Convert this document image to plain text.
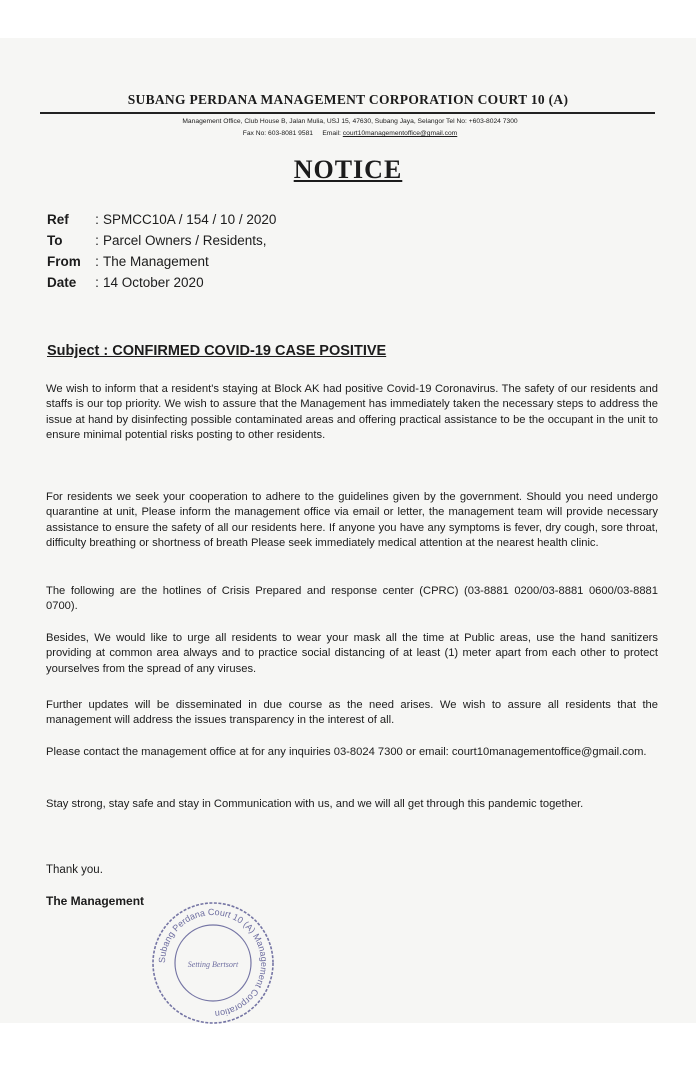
SUBANG PERDANA MANAGEMENT CORPORATION COURT 10 (A)
Management Office, Club House B, Jalan Mulia, USJ 15, 47630, Subang Jaya, Selangor Tel No: +603-8024 7300
Fax No: 603-8081 9581 Email: court10managementoffice@gmail.com
NOTICE
Ref	: SPMCC10A / 154 / 10 / 2020
To	: Parcel Owners / Residents,
From	: The Management
Date	: 14 October 2020
Subject : CONFIRMED COVID-19 CASE POSITIVE
We wish to inform that a resident's staying at Block AK had positive Covid-19 Coronavirus. The safety of our residents and staffs is our top priority. We wish to assure that the Management has immediately taken the necessary steps to address the issue at hand by disinfecting possible contaminated areas and offering practical assistance to be the occupant in the unit to ensure minimal potential risks posting to other residents.
For residents we seek your cooperation to adhere to the guidelines given by the government. Should you need undergo quarantine at unit, Please inform the management office via email or letter, the management team will provide necessary assistance to ensure the safety of all our residents here. If anyone you have any symptoms is fever, dry cough, sore throat, difficulty breathing or shortness of breath Please seek immediately medical attention at the nearest health clinic.
The following are the hotlines of Crisis Prepared and response center (CPRC) (03-8881 0200/03-8881 0600/03-8881 0700).
Besides, We would like to urge all residents to wear your mask all the time at Public areas, use the hand sanitizers providing at common area always and to practice social distancing of at least (1) meter apart from each other to protect yourselves from the spread of any viruses.
Further updates will be disseminated in due course as the need arises. We wish to assure all residents that the management will address the issues transparency in the interest of all.
Please contact the management office at for any inquiries 03-8024 7300 or email: court10managementoffice@gmail.com.
Stay strong, stay safe and stay in Communication with us, and we will all get through this pandemic together.
Thank you.
The Management
Subang Perdana Court 10 (A) Management Corporation
Setting Bertsort
